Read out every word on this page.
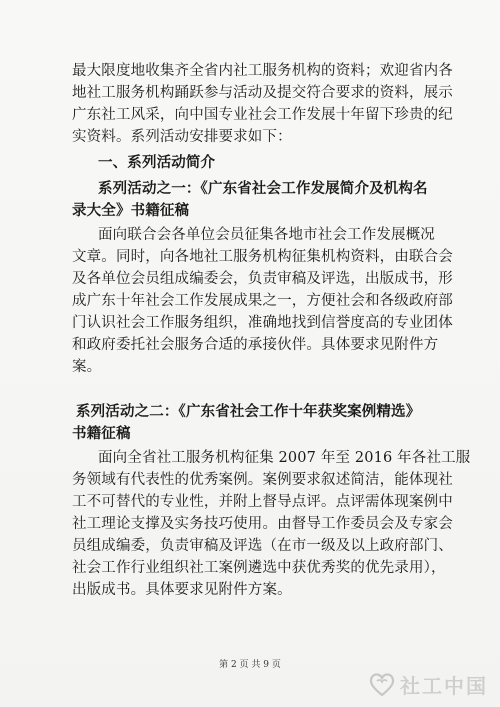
最大限度地收集齐全省内社工服务机构的资料；欢迎省内各
地社工服务机构踊跃参与活动及提交符合要求的资料，展示
广东社工风采，向中国专业社会工作发展十年留下珍贵的纪
实资料。系列活动安排要求如下：
一、系列活动简介
系列活动之一：《广东省社会工作发展简介及机构名
录大全》书籍征稿
面向联合会各单位会员征集各地市社会工作发展概况
文章。同时，向各地社工服务机构征集机构资料，由联合会
及各单位会员组成编委会，负责审稿及评选，出版成书，形
成广东十年社会工作发展成果之一，方便社会和各级政府部
门认识社会工作服务组织，准确地找到信誉度高的专业团体
和政府委托社会服务合适的承接伙伴。具体要求见附件方
案。
系列活动之二：《广东省社会工作十年获奖案例精选》
书籍征稿
面向全省社工服务机构征集 2007 年至 2016 年各社工服
务领域有代表性的优秀案例。案例要求叙述简洁，能体现社
工不可替代的专业性，并附上督导点评。点评需体现案例中
社工理论支撑及实务技巧使用。由督导工作委员会及专家会
员组成编委，负责审稿及评选（在市一级及以上政府部门、
社会工作行业组织社工案例遴选中获优秀奖的优先录用），
出版成书。具体要求见附件方案。
第 2 页 共 9 页
社工中国
